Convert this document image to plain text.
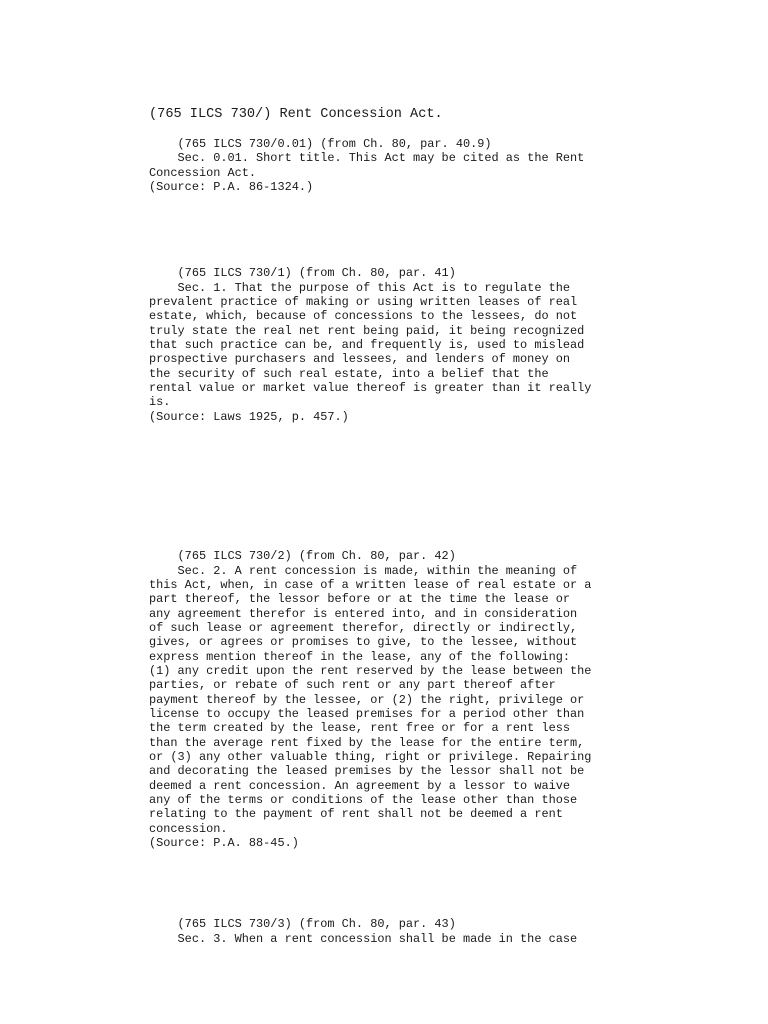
(765 ILCS 730/) Rent Concession Act.
(765 ILCS 730/0.01) (from Ch. 80, par. 40.9)
Sec. 0.01. Short title. This Act may be cited as the Rent
Concession Act.
(Source: P.A. 86-1324.)
(765 ILCS 730/1) (from Ch. 80, par. 41)
Sec. 1. That the purpose of this Act is to regulate the
prevalent practice of making or using written leases of real
estate, which, because of concessions to the lessees, do not
truly state the real net rent being paid, it being recognized
that such practice can be, and frequently is, used to mislead
prospective purchasers and lessees, and lenders of money on
the security of such real estate, into a belief that the
rental value or market value thereof is greater than it really
is.
(Source: Laws 1925, p. 457.)
(765 ILCS 730/2) (from Ch. 80, par. 42)
Sec. 2. A rent concession is made, within the meaning of
this Act, when, in case of a written lease of real estate or a
part thereof, the lessor before or at the time the lease or
any agreement therefor is entered into, and in consideration
of such lease or agreement therefor, directly or indirectly,
gives, or agrees or promises to give, to the lessee, without
express mention thereof in the lease, any of the following:
(1) any credit upon the rent reserved by the lease between the
parties, or rebate of such rent or any part thereof after
payment thereof by the lessee, or (2) the right, privilege or
license to occupy the leased premises for a period other than
the term created by the lease, rent free or for a rent less
than the average rent fixed by the lease for the entire term,
or (3) any other valuable thing, right or privilege. Repairing
and decorating the leased premises by the lessor shall not be
deemed a rent concession. An agreement by a lessor to waive
any of the terms or conditions of the lease other than those
relating to the payment of rent shall not be deemed a rent
concession.
(Source: P.A. 88-45.)
(765 ILCS 730/3) (from Ch. 80, par. 43)
Sec. 3. When a rent concession shall be made in the case
